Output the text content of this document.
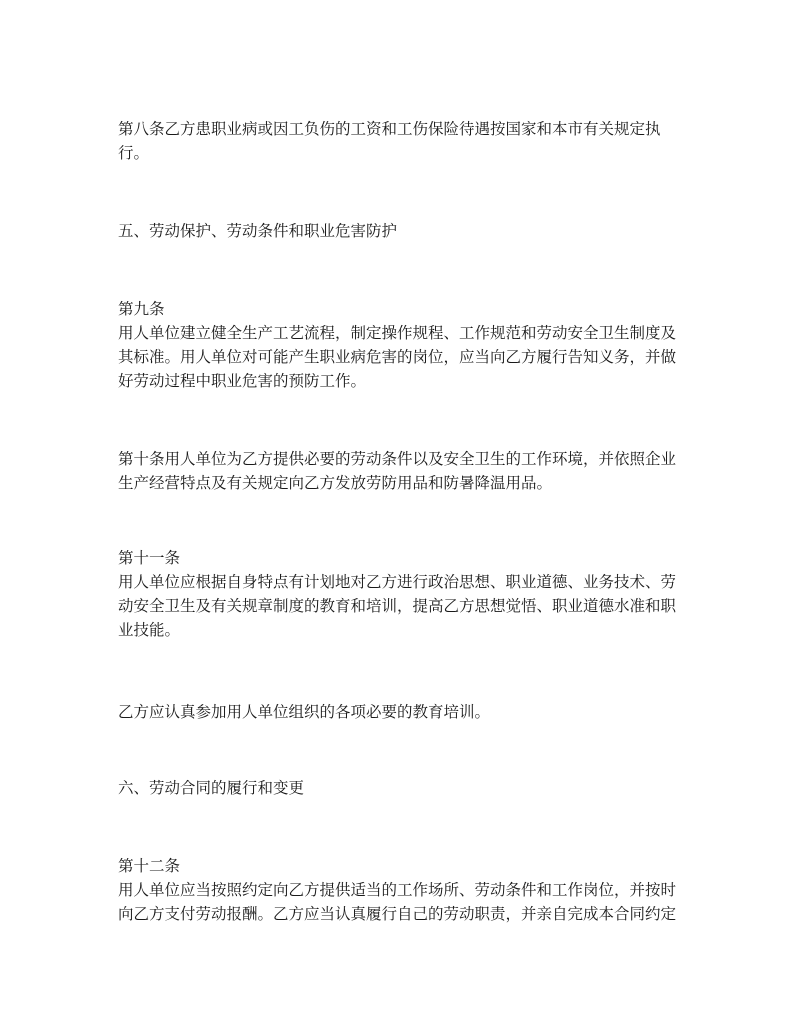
第八条乙方患职业病或因工负伤的工资和工伤保险待遇按国家和本市有关规定执
行。
五、劳动保护、劳动条件和职业危害防护
第九条
用人单位建立健全生产工艺流程，制定操作规程、工作规范和劳动安全卫生制度及
其标准。用人单位对可能产生职业病危害的岗位，应当向乙方履行告知义务，并做
好劳动过程中职业危害的预防工作。
第十条用人单位为乙方提供必要的劳动条件以及安全卫生的工作环境，并依照企业
生产经营特点及有关规定向乙方发放劳防用品和防暑降温用品。
第十一条
用人单位应根据自身特点有计划地对乙方进行政治思想、职业道德、业务技术、劳
动安全卫生及有关规章制度的教育和培训，提高乙方思想觉悟、职业道德水准和职
业技能。
乙方应认真参加用人单位组织的各项必要的教育培训。
六、劳动合同的履行和变更
第十二条
用人单位应当按照约定向乙方提供适当的工作场所、劳动条件和工作岗位，并按时
向乙方支付劳动报酬。乙方应当认真履行自己的劳动职责，并亲自完成本合同约定
